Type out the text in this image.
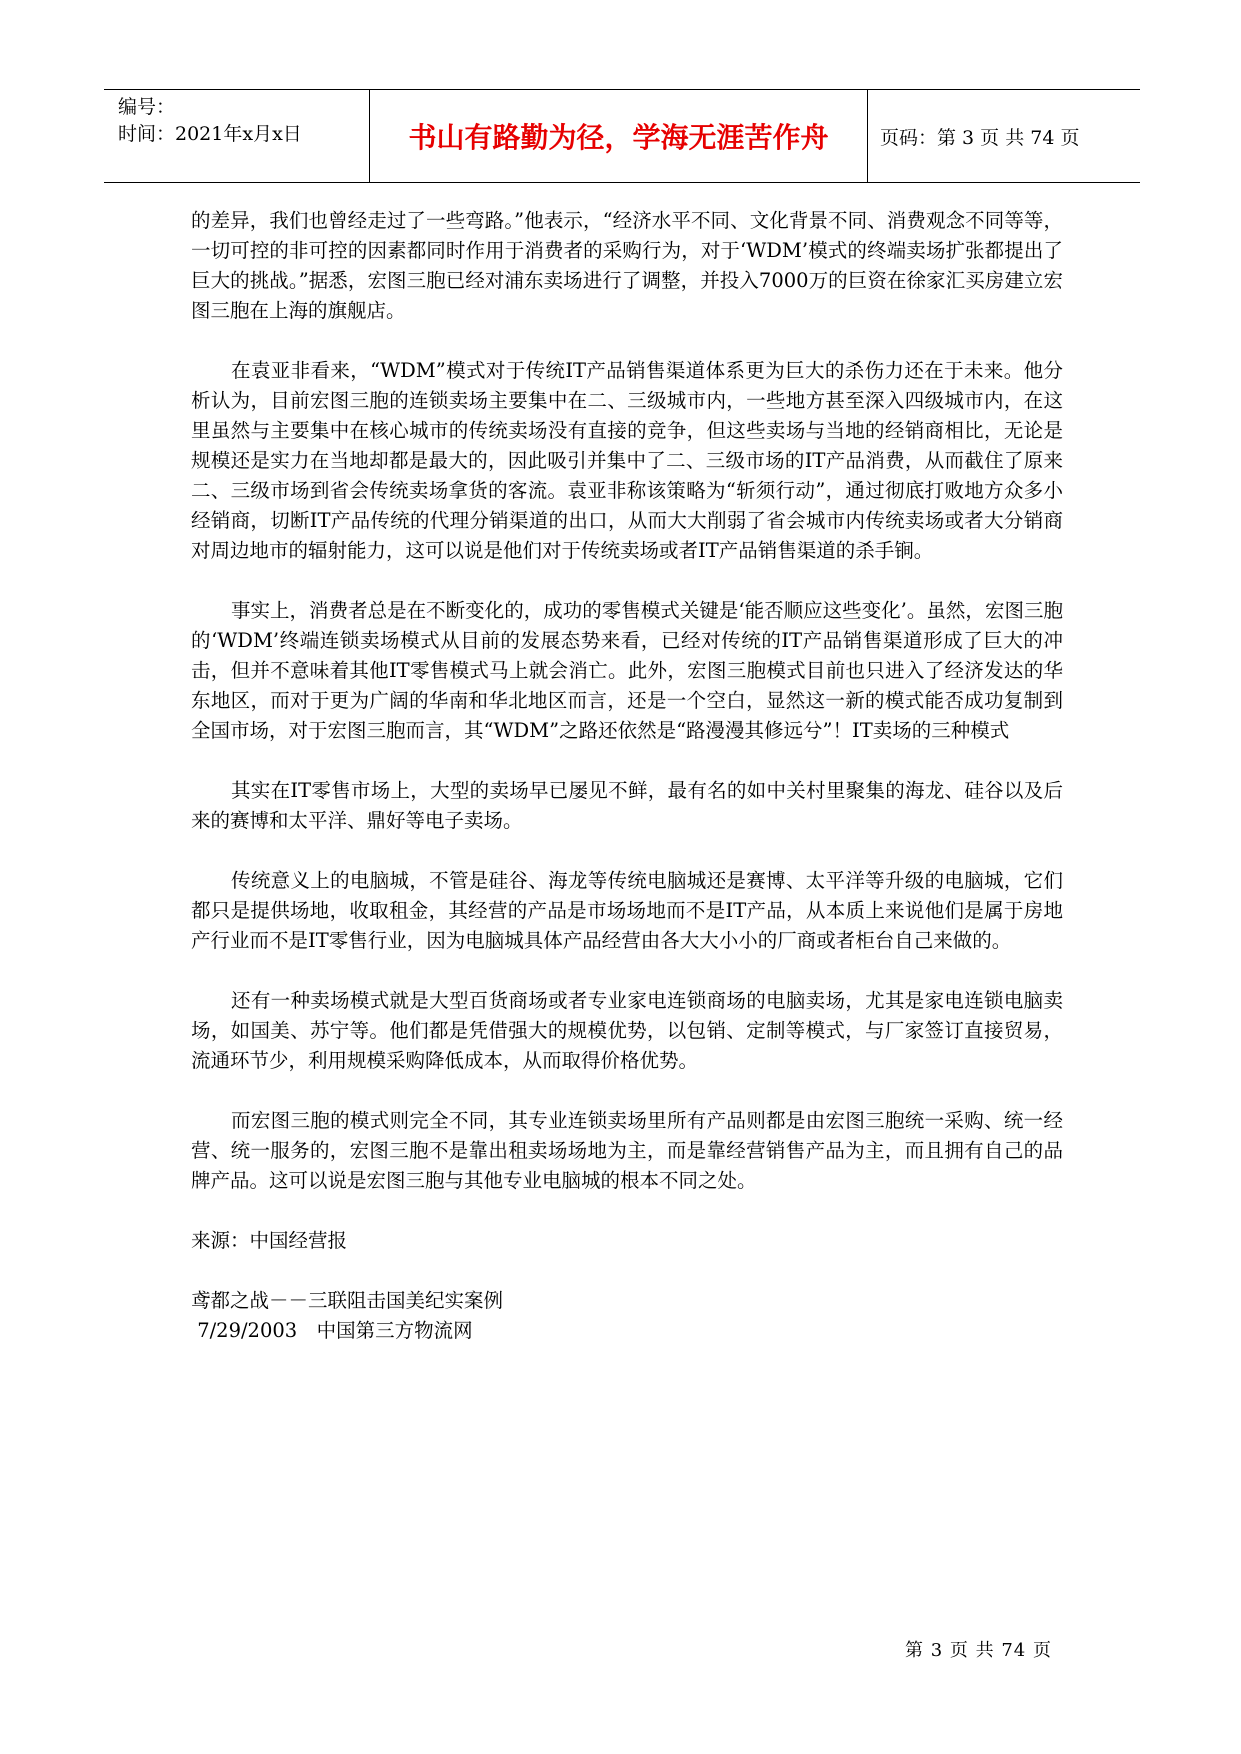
编号：
时间：2021年x月x日	书山有路勤为径，学海无涯苦作舟	页码：第 3 页 共 74 页

的差异，我们也曾经走过了一些弯路。”他表示，“经济水平不同、文化背景不同、消费观念不同等等，一切可控的非可控的因素都同时作用于消费者的采购行为，对于‘WDM’模式的终端卖场扩张都提出了巨大的挑战。”据悉，宏图三胞已经对浦东卖场进行了调整，并投入7000万的巨资在徐家汇买房建立宏图三胞在上海的旗舰店。

在袁亚非看来，“WDM”模式对于传统IT产品销售渠道体系更为巨大的杀伤力还在于未来。他分析认为，目前宏图三胞的连锁卖场主要集中在二、三级城市内，一些地方甚至深入四级城市内，在这里虽然与主要集中在核心城市的传统卖场没有直接的竞争，但这些卖场与当地的经销商相比，无论是规模还是实力在当地却都是最大的，因此吸引并集中了二、三级市场的IT产品消费，从而截住了原来二、三级市场到省会传统卖场拿货的客流。袁亚非称该策略为“斩须行动”，通过彻底打败地方众多小经销商，切断IT产品传统的代理分销渠道的出口，从而大大削弱了省会城市内传统卖场或者大分销商对周边地市的辐射能力，这可以说是他们对于传统卖场或者IT产品销售渠道的杀手锏。

事实上，消费者总是在不断变化的，成功的零售模式关键是‘能否顺应这些变化’。虽然，宏图三胞的‘WDM’终端连锁卖场模式从目前的发展态势来看，已经对传统的IT产品销售渠道形成了巨大的冲击，但并不意味着其他IT零售模式马上就会消亡。此外，宏图三胞模式目前也只进入了经济发达的华东地区，而对于更为广阔的华南和华北地区而言，还是一个空白，显然这一新的模式能否成功复制到全国市场，对于宏图三胞而言，其“WDM”之路还依然是“路漫漫其修远兮”！IT卖场的三种模式

其实在IT零售市场上，大型的卖场早已屡见不鲜，最有名的如中关村里聚集的海龙、硅谷以及后来的赛博和太平洋、鼎好等电子卖场。

传统意义上的电脑城，不管是硅谷、海龙等传统电脑城还是赛博、太平洋等升级的电脑城，它们都只是提供场地，收取租金，其经营的产品是市场场地而不是IT产品，从本质上来说他们是属于房地产行业而不是IT零售行业，因为电脑城具体产品经营由各大大小小的厂商或者柜台自己来做的。

还有一种卖场模式就是大型百货商场或者专业家电连锁商场的电脑卖场，尤其是家电连锁电脑卖场，如国美、苏宁等。他们都是凭借强大的规模优势，以包销、定制等模式，与厂家签订直接贸易，流通环节少，利用规模采购降低成本，从而取得价格优势。

而宏图三胞的模式则完全不同，其专业连锁卖场里所有产品则都是由宏图三胞统一采购、统一经营、统一服务的，宏图三胞不是靠出租卖场场地为主，而是靠经营销售产品为主，而且拥有自己的品牌产品。这可以说是宏图三胞与其他专业电脑城的根本不同之处。

来源：中国经营报

鸢都之战－－三联阻击国美纪实案例

7/29/2003　中国第三方物流网

第 3 页 共 74 页
